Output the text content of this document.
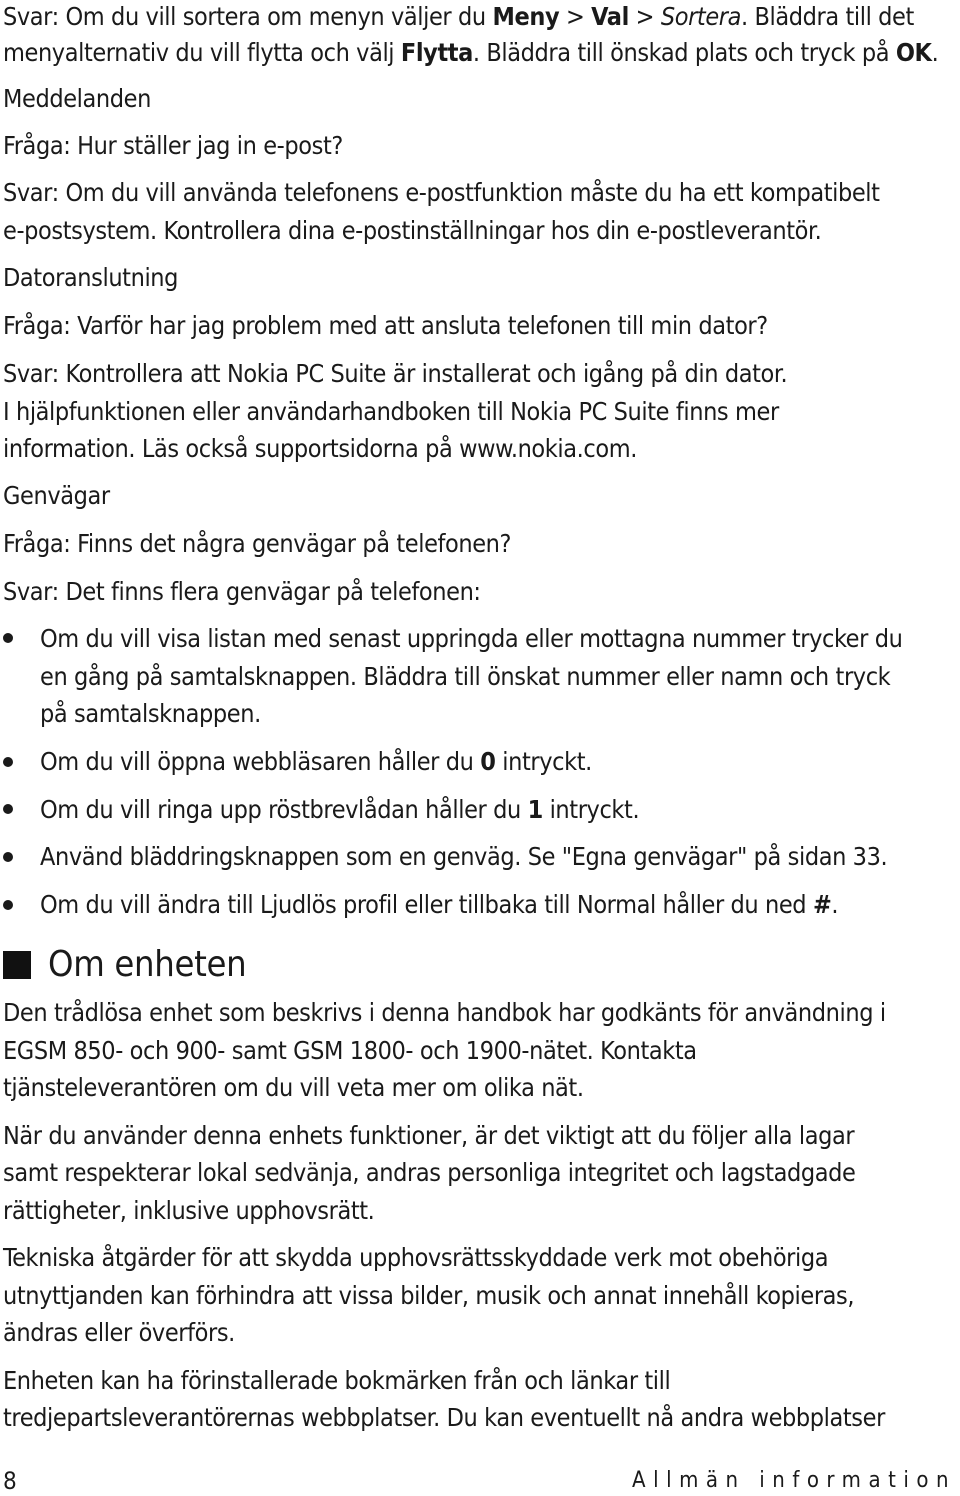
Svar: Om du vill sortera om menyn väljer du Meny > Val > Sortera. Bläddra till det

menyalternativ du vill flytta och välj Flytta. Bläddra till önskad plats och tryck på OK.

Meddelanden

Fråga: Hur ställer jag in e-post?

Svar: Om du vill använda telefonens e-postfunktion måste du ha ett kompatibelt

e-postsystem. Kontrollera dina e-postinställningar hos din e-postleverantör.

Datoranslutning

Fråga: Varför har jag problem med att ansluta telefonen till min dator?

Svar: Kontrollera att Nokia PC Suite är installerat och igång på din dator.

I hjälpfunktionen eller användarhandboken till Nokia PC Suite finns mer

information. Läs också supportsidorna på www.nokia.com.

Genvägar

Fråga: Finns det några genvägar på telefonen?

Svar: Det finns flera genvägar på telefonen:

Om du vill visa listan med senast uppringda eller mottagna nummer trycker du

en gång på samtalsknappen. Bläddra till önskat nummer eller namn och tryck

på samtalsknappen.

Om du vill öppna webbläsaren håller du 0 intryckt.

Om du vill ringa upp röstbrevlådan håller du 1 intryckt.

Använd bläddringsknappen som en genväg. Se "Egna genvägar" på sidan 33.

Om du vill ändra till Ljudlös profil eller tillbaka till Normal håller du ned #.

Om enheten

Den trådlösa enhet som beskrivs i denna handbok har godkänts för användning i

EGSM 850- och 900- samt GSM 1800- och 1900-nätet. Kontakta

tjänsteleverantören om du vill veta mer om olika nät.

När du använder denna enhets funktioner, är det viktigt att du följer alla lagar

samt respekterar lokal sedvänja, andras personliga integritet och lagstadgade

rättigheter, inklusive upphovsrätt.

Tekniska åtgärder för att skydda upphovsrättsskyddade verk mot obehöriga

utnyttjanden kan förhindra att vissa bilder, musik och annat innehåll kopieras,

ändras eller överförs.

Enheten kan ha förinstallerade bokmärken från och länkar till

tredjepartsleverantörernas webbplatser. Du kan eventuellt nå andra webbplatser

8	Allmän information
